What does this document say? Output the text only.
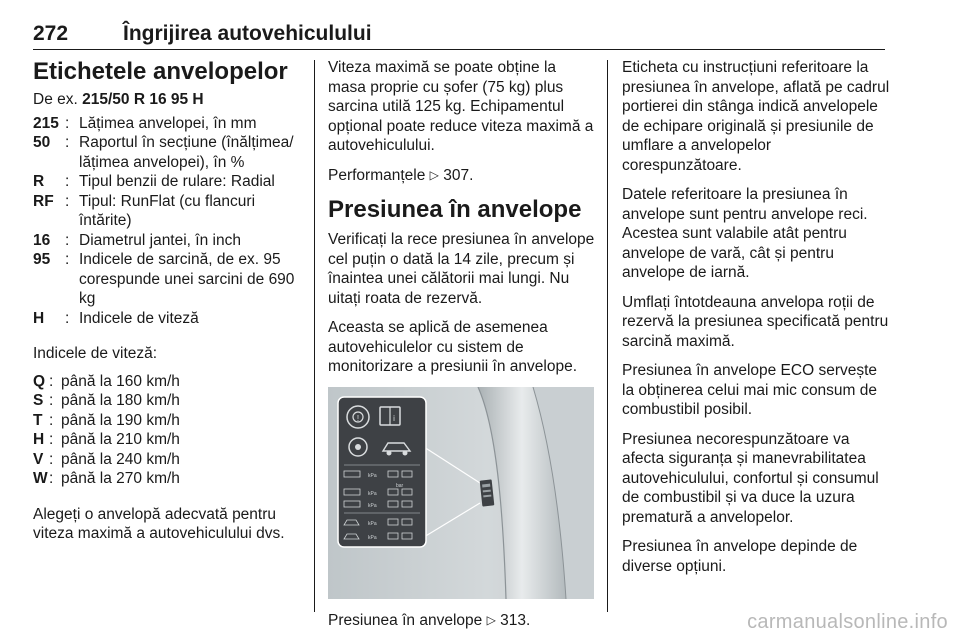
272	Îngrijirea autovehiculului
Etichetele anvelopelor
De ex. 215/50 R 16 95 H
215 : Lățimea anvelopei, în mm
50 : Raportul în secțiune (înălțimea/ lățimea anvelopei), în %
R	: Tipul benzii de rulare: Radial
RF : Tipul: RunFlat (cu flancuri întărite)
16 : Diametrul jantei, în inch
95 : Indicele de sarcină, de ex. 95 corespunde unei sarcini de 690 kg
H	: Indicele de viteză

Indicele de viteză:

Q : până la 160 km/h
S : până la 180 km/h
T : până la 190 km/h
H : până la 210 km/h
V : până la 240 km/h
W : până la 270 km/h

Alegeți o anvelopă adecvată pentru viteza maximă a autovehiculului dvs.

Viteza maximă se poate obține la masa proprie cu șofer (75 kg) plus sarcina utilă 125 kg. Echipamentul opțional poate reduce viteza maximă a autovehiculului.

Performanțele ▷ 307.

Presiunea în anvelope

Verificați la rece presiunea în anvelope cel puțin o dată la 14 zile, precum și înaintea unei călătorii mai lungi. Nu uitați roata de rezervă.

Aceasta se aplică de asemenea autovehiculelor cu sistem de monitorizare a presiunii în anvelope.

!	i
kPa
bar
kPa
kPa
kPa
kPa

Presiunea în anvelope ▷ 313.

Eticheta cu instrucțiuni referitoare la presiunea în anvelope, aflată pe cadrul portierei din stânga indică anvelopele de echipare originală și presiunile de umflare a anvelopelor corespunzătoare.

Datele referitoare la presiunea în anvelope sunt pentru anvelope reci. Acestea sunt valabile atât pentru anvelope de vară, cât și pentru anvelope de iarnă.

Umflați întotdeauna anvelopa roții de rezervă la presiunea specificată pentru sarcină maximă.

Presiunea în anvelope ECO servește la obținerea celui mai mic consum de combustibil posibil.

Presiunea necorespunzătoare va afecta siguranța și manevrabilitatea autovehiculului, confortul și consumul de combustibil și va duce la uzura prematură a anvelopelor.

Presiunea în anvelope depinde de diverse opțiuni.

carmanualsonline.info
